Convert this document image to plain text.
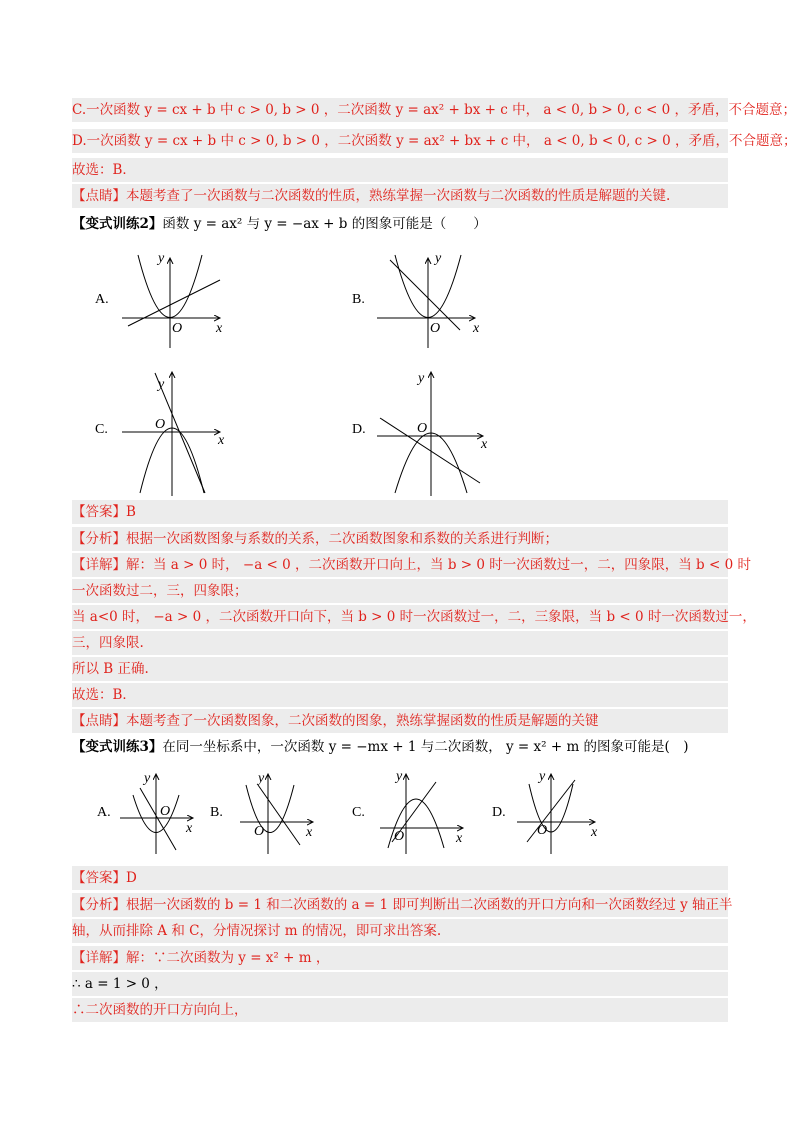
C.一次函数 y = cx + b 中 c > 0, b > 0 ，二次函数 y = ax² + bx + c 中， a < 0, b > 0, c < 0 ，矛盾，不合题意；
D.一次函数 y = cx + b 中 c > 0, b > 0 ，二次函数 y = ax² + bx + c 中， a < 0, b < 0, c > 0 ，矛盾，不合题意；
故选：B．
【点睛】本题考查了一次函数与二次函数的性质，熟练掌握一次函数与二次函数的性质是解题的关键.
【变式训练2】函数 y = ax² 与 y = −ax + b 的图象可能是（　　）
A.	B.
C.	D.
y
x
O
y
x
O
y
x
O
y
x
O
【答案】B
【分析】根据一次函数图象与系数的关系，二次函数图象和系数的关系进行判断；
【详解】解：当 a > 0 时， −a < 0 ，二次函数开口向上，当 b > 0 时一次函数过一，二，四象限，当 b < 0 时
一次函数过二，三，四象限；
当 a<0 时， −a > 0 ，二次函数开口向下，当 b > 0 时一次函数过一，二，三象限，当 b < 0 时一次函数过一，
三，四象限.
所以 B 正确.
故选：B．
【点睛】本题考查了一次函数图象，二次函数的图象，熟练掌握函数的性质是解题的关键
【变式训练3】在同一坐标系中，一次函数 y = −mx + 1 与二次函数， y = x² + m 的图象可能是(　)
A.	B.	C.	D.
y
x
O
y
x
O
y
x
O
y
x
O
【答案】D
【分析】根据一次函数的 b = 1 和二次函数的 a = 1 即可判断出二次函数的开口方向和一次函数经过 y 轴正半
轴，从而排除 A 和 C，分情况探讨 m 的情况，即可求出答案.
【详解】解：∵二次函数为 y = x² + m ，
∴ a = 1 > 0 ，
∴二次函数的开口方向向上，
